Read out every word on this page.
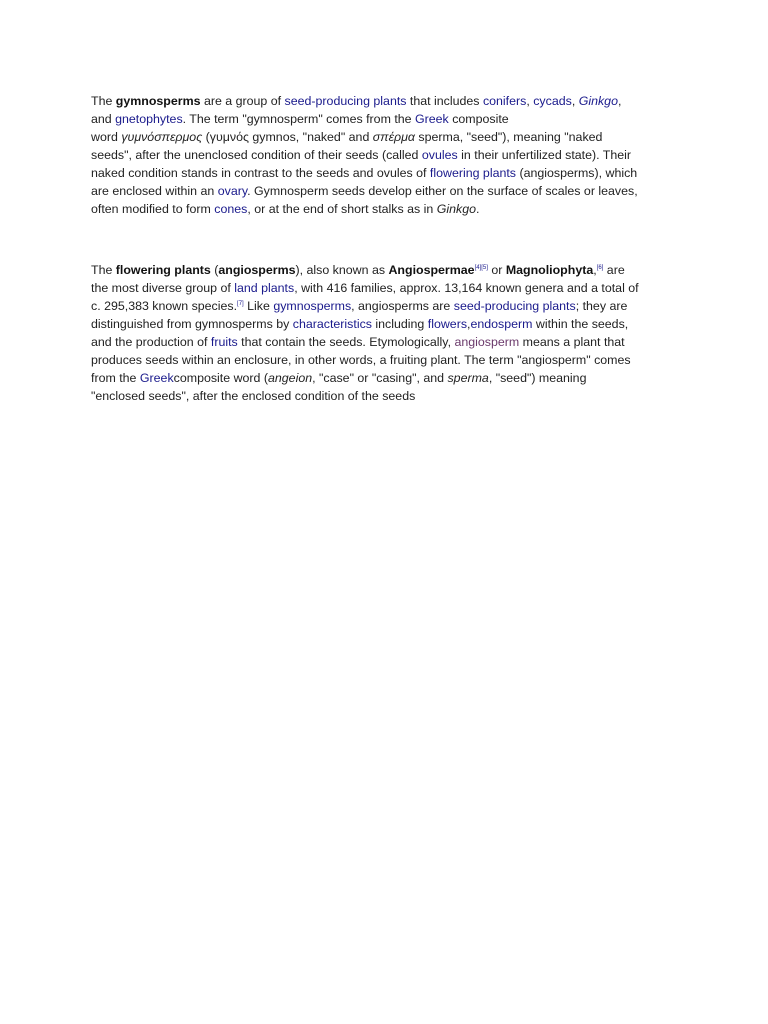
The gymnosperms are a group of seed-producing plants that includes conifers, cycads, Ginkgo,
and gnetophytes. The term "gymnosperm" comes from the Greek composite
word γυμνόσπερμος (γυμνός gymnos, "naked" and σπέρμα sperma, "seed"), meaning "naked
seeds", after the unenclosed condition of their seeds (called ovules in their unfertilized state). Their
naked condition stands in contrast to the seeds and ovules of flowering plants (angiosperms), which
are enclosed within an ovary. Gymnosperm seeds develop either on the surface of scales or leaves,
often modified to form cones, or at the end of short stalks as in Ginkgo.

The flowering plants (angiosperms), also known as Angiospermae[4][5] or Magnoliophyta,[6] are
the most diverse group of land plants, with 416 families, approx. 13,164 known genera and a total of
c. 295,383 known species.[7] Like gymnosperms, angiosperms are seed-producing plants; they are
distinguished from gymnosperms by characteristics including flowers,endosperm within the seeds,
and the production of fruits that contain the seeds. Etymologically, angiosperm means a plant that
produces seeds within an enclosure, in other words, a fruiting plant. The term "angiosperm" comes
from the Greekcomposite word (angeion, "case" or "casing", and sperma, "seed") meaning
"enclosed seeds", after the enclosed condition of the seeds
